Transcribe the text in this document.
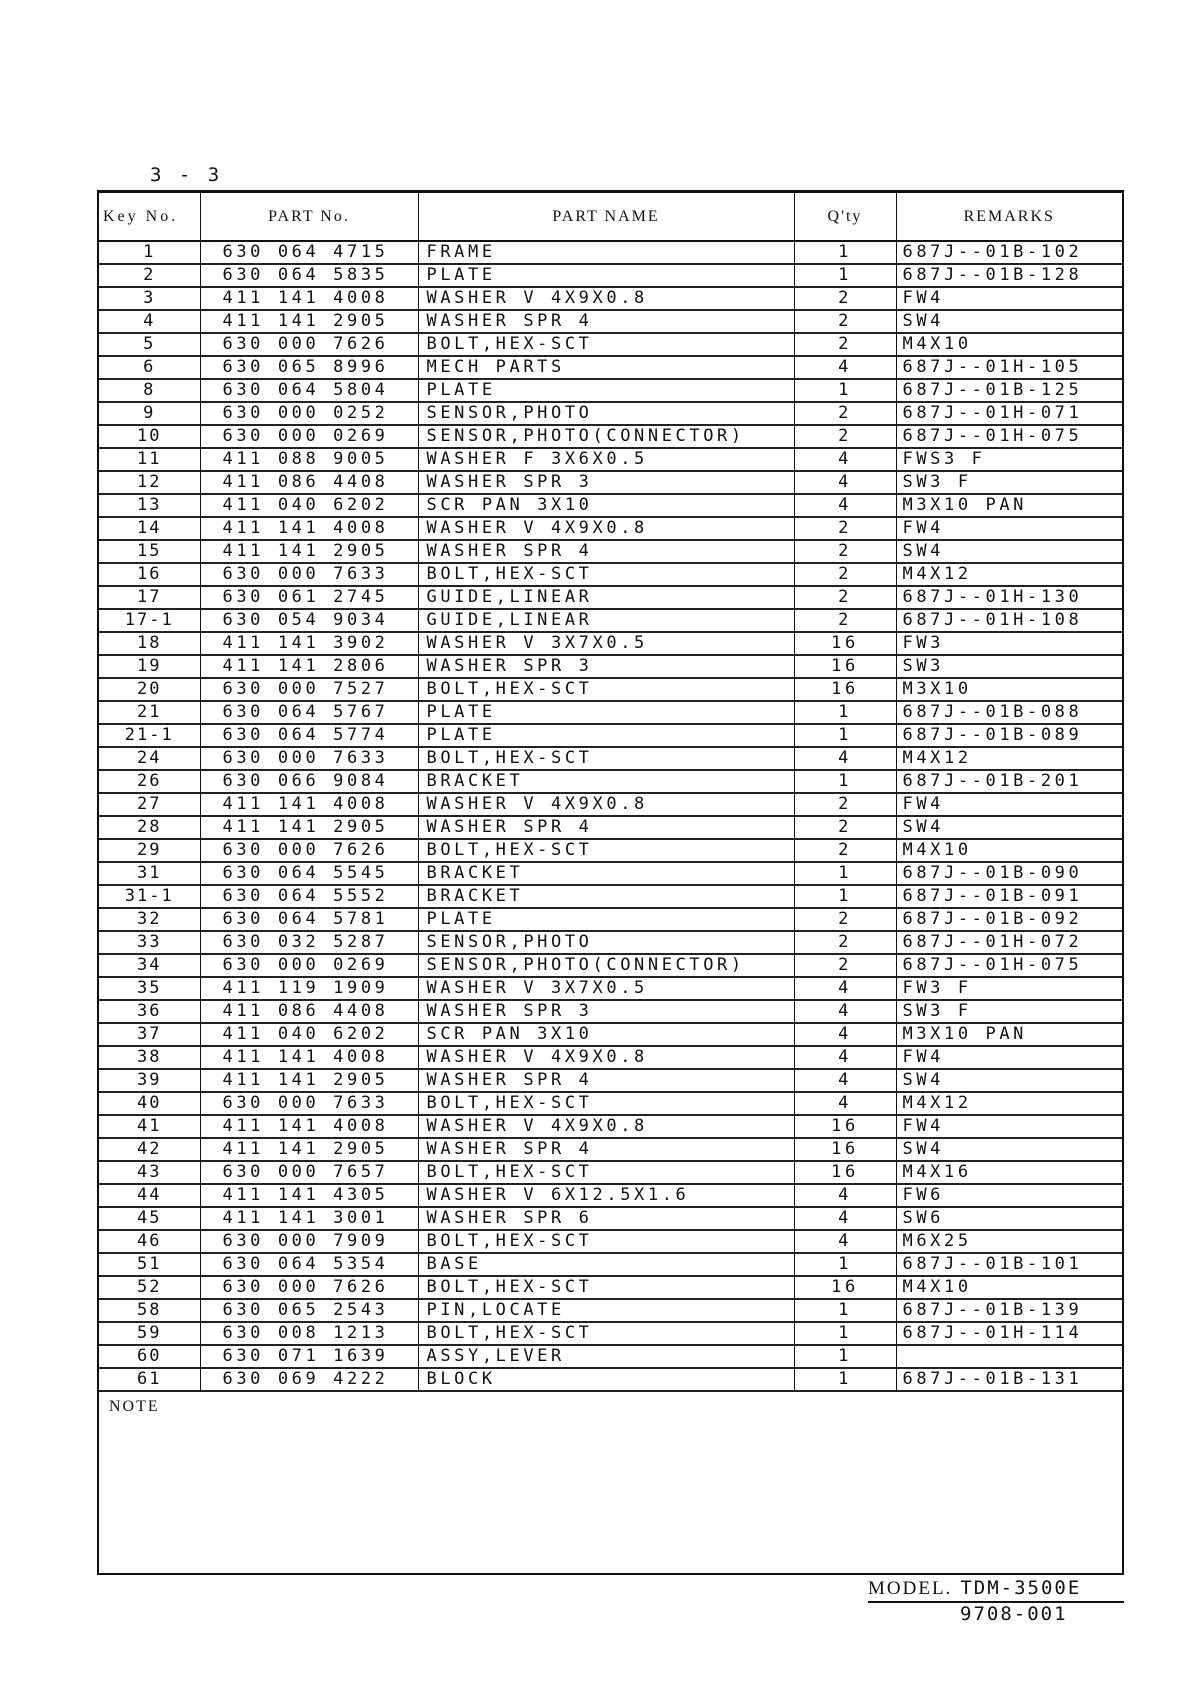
3 - 3
Key No.	PART No.	PART NAME	Q'ty	REMARKS
1	630 064 4715	FRAME	1	687J--01B-102
2	630 064 5835	PLATE	1	687J--01B-128
3	411 141 4008	WASHER V 4X9X0.8	2	FW4
4	411 141 2905	WASHER SPR 4	2	SW4
5	630 000 7626	BOLT,HEX-SCT	2	M4X10
6	630 065 8996	MECH PARTS	4	687J--01H-105
8	630 064 5804	PLATE	1	687J--01B-125
9	630 000 0252	SENSOR,PHOTO	2	687J--01H-071
10	630 000 0269	SENSOR,PHOTO(CONNECTOR)	2	687J--01H-075
11	411 088 9005	WASHER F 3X6X0.5	4	FWS3 F
12	411 086 4408	WASHER SPR 3	4	SW3 F
13	411 040 6202	SCR PAN 3X10	4	M3X10 PAN
14	411 141 4008	WASHER V 4X9X0.8	2	FW4
15	411 141 2905	WASHER SPR 4	2	SW4
16	630 000 7633	BOLT,HEX-SCT	2	M4X12
17	630 061 2745	GUIDE,LINEAR	2	687J--01H-130
17-1	630 054 9034	GUIDE,LINEAR	2	687J--01H-108
18	411 141 3902	WASHER V 3X7X0.5	16	FW3
19	411 141 2806	WASHER SPR 3	16	SW3
20	630 000 7527	BOLT,HEX-SCT	16	M3X10
21	630 064 5767	PLATE	1	687J--01B-088
21-1	630 064 5774	PLATE	1	687J--01B-089
24	630 000 7633	BOLT,HEX-SCT	4	M4X12
26	630 066 9084	BRACKET	1	687J--01B-201
27	411 141 4008	WASHER V 4X9X0.8	2	FW4
28	411 141 2905	WASHER SPR 4	2	SW4
29	630 000 7626	BOLT,HEX-SCT	2	M4X10
31	630 064 5545	BRACKET	1	687J--01B-090
31-1	630 064 5552	BRACKET	1	687J--01B-091
32	630 064 5781	PLATE	2	687J--01B-092
33	630 032 5287	SENSOR,PHOTO	2	687J--01H-072
34	630 000 0269	SENSOR,PHOTO(CONNECTOR)	2	687J--01H-075
35	411 119 1909	WASHER V 3X7X0.5	4	FW3 F
36	411 086 4408	WASHER SPR 3	4	SW3 F
37	411 040 6202	SCR PAN 3X10	4	M3X10 PAN
38	411 141 4008	WASHER V 4X9X0.8	4	FW4
39	411 141 2905	WASHER SPR 4	4	SW4
40	630 000 7633	BOLT,HEX-SCT	4	M4X12
41	411 141 4008	WASHER V 4X9X0.8	16	FW4
42	411 141 2905	WASHER SPR 4	16	SW4
43	630 000 7657	BOLT,HEX-SCT	16	M4X16
44	411 141 4305	WASHER V 6X12.5X1.6	4	FW6
45	411 141 3001	WASHER SPR 6	4	SW6
46	630 000 7909	BOLT,HEX-SCT	4	M6X25
51	630 064 5354	BASE	1	687J--01B-101
52	630 000 7626	BOLT,HEX-SCT	16	M4X10
58	630 065 2543	PIN,LOCATE	1	687J--01B-139
59	630 008 1213	BOLT,HEX-SCT	1	687J--01H-114
60	630 071 1639	ASSY,LEVER	1	
61	630 069 4222	BLOCK	1	687J--01B-131
NOTE
MODEL. TDM-3500E
9708-001
